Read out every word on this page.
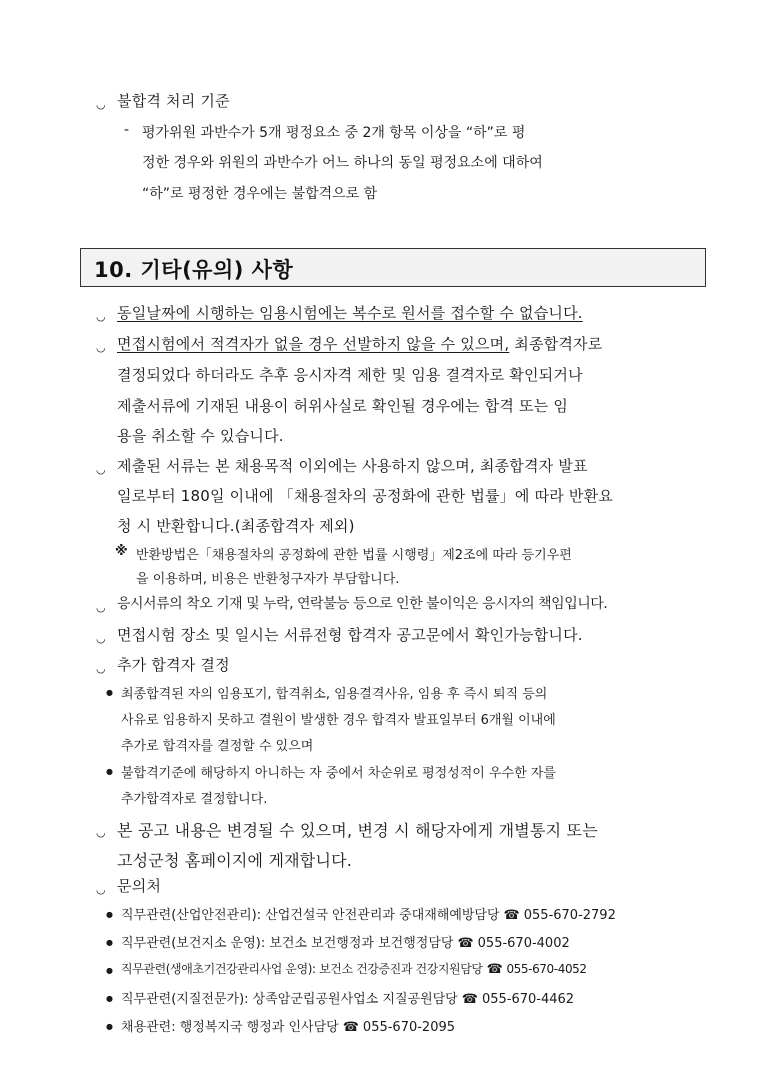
◡ 불합격 처리 기준
- 평가위원 과반수가 5개 평정요소 중 2개 항목 이상을 “하”로 평
정한 경우와 위원의 과반수가 어느 하나의 동일 평정요소에 대하여
“하”로 평정한 경우에는 불합격으로 함
10. 기타(유의) 사항
◡ 동일날짜에 시행하는 임용시험에는 복수로 원서를 접수할 수 없습니다.
◡ 면접시험에서 적격자가 없을 경우 선발하지 않을 수 있으며, 최종합격자로
결정되었다 하더라도 추후 응시자격 제한 및 임용 결격자로 확인되거나
제출서류에 기재된 내용이 허위사실로 확인될 경우에는 합격 또는 임
용을 취소할 수 있습니다.
◡ 제출된 서류는 본 채용목적 이외에는 사용하지 않으며, 최종합격자 발표
일로부터 180일 이내에 「채용절차의 공정화에 관한 법률」에 따라 반환요
청 시 반환합니다.(최종합격자 제외)
※ 반환방법은「채용절차의 공정화에 관한 법률 시행령」제2조에 따라 등기우편
을 이용하며, 비용은 반환청구자가 부담합니다.
◡ 응시서류의 착오 기재 및 누락, 연락불능 등으로 인한 불이익은 응시자의 책임입니다.
◡ 면접시험 장소 및 일시는 서류전형 합격자 공고문에서 확인가능합니다.
◡ 추가 합격자 결정
● 최종합격된 자의 임용포기, 합격취소, 임용결격사유, 임용 후 즉시 퇴직 등의
사유로 임용하지 못하고 결원이 발생한 경우 합격자 발표일부터 6개월 이내에
추가로 합격자를 결정할 수 있으며
● 불합격기준에 해당하지 아니하는 자 중에서 차순위로 평정성적이 우수한 자를
추가합격자로 결정합니다.
◡ 본 공고 내용은 변경될 수 있으며, 변경 시 해당자에게 개별통지 또는
고성군청 홈페이지에 게재합니다.
◡ 문의처
● 직무관련(산업안전관리): 산업건설국 안전관리과 중대재해예방담당 ☎ 055-670-2792
● 직무관련(보건지소 운영): 보건소 보건행정과 보건행정담당 ☎ 055-670-4002
● 직무관련(생애초기건강관리사업 운영): 보건소 건강증진과 건강지원담당 ☎ 055-670-4052
● 직무관련(지질전문가): 상족암군립공원사업소 지질공원담당 ☎ 055-670-4462
● 채용관련: 행정복지국 행정과 인사담당 ☎ 055-670-2095
